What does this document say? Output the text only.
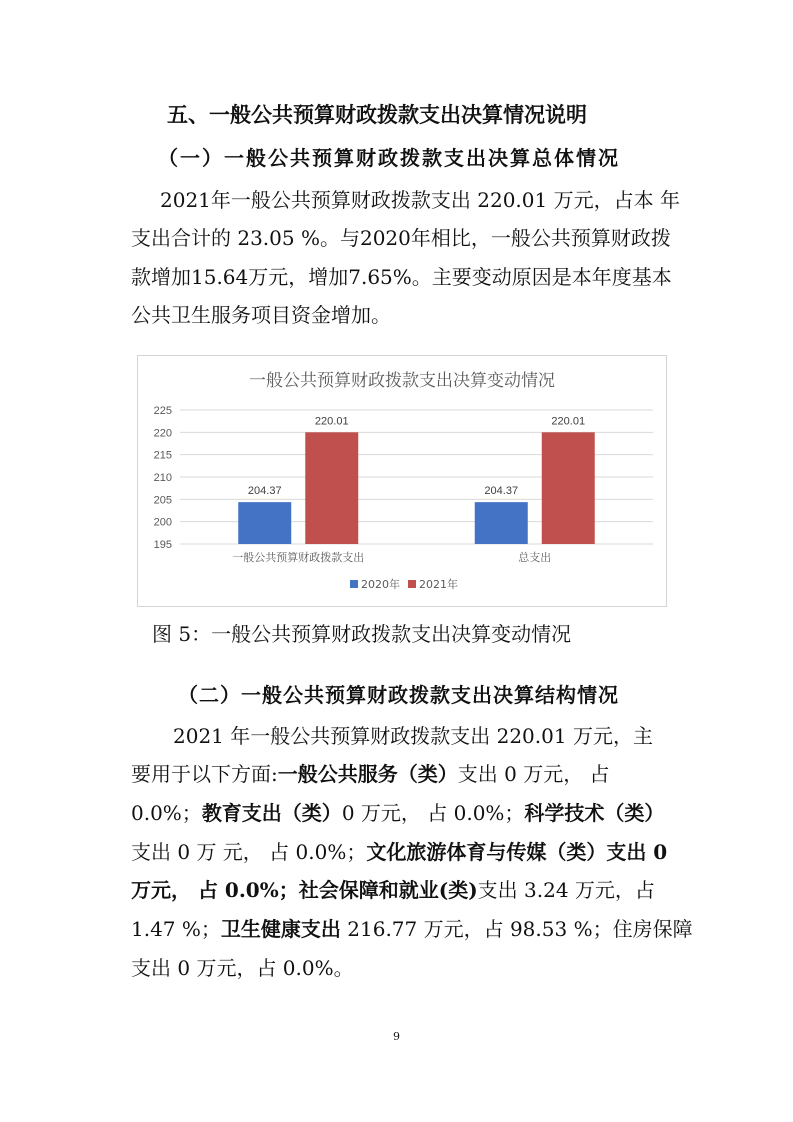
五、一般公共预算财政拨款支出决算情况说明
（一）一般公共预算财政拨款支出决算总体情况
2021年一般公共预算财政拨款支出 220.01 万元，占本 年
支出合计的 23.05 %。与2020年相比，一般公共预算财政拨
款增加15.64万元，增加7.65%。主要变动原因是本年度基本
公共卫生服务项目资金增加。
一般公共预算财政拨款支出决算变动情况
195
200
205
210
215
220
225
204.37
220.01
204.37
220.01
一般公共预算财政拨款支出	总支出
2020年 2021年
图 5：一般公共预算财政拨款支出决算变动情况
（二）一般公共预算财政拨款支出决算结构情况
2021 年一般公共预算财政拨款支出 220.01 万元，主
要用于以下方面:一般公共服务（类）支出 0 万元， 占
0.0%；教育支出（类）0 万元， 占 0.0%；科学技术（类）
支出 0 万 元， 占 0.0%；文化旅游体育与传媒（类）支出 0
万元， 占 0.0%；社会保障和就业(类)支出 3.24 万元，占
1.47 %；卫生健康支出 216.77 万元，占 98.53 %；住房保障
支出 0 万元，占 0.0%。
9
